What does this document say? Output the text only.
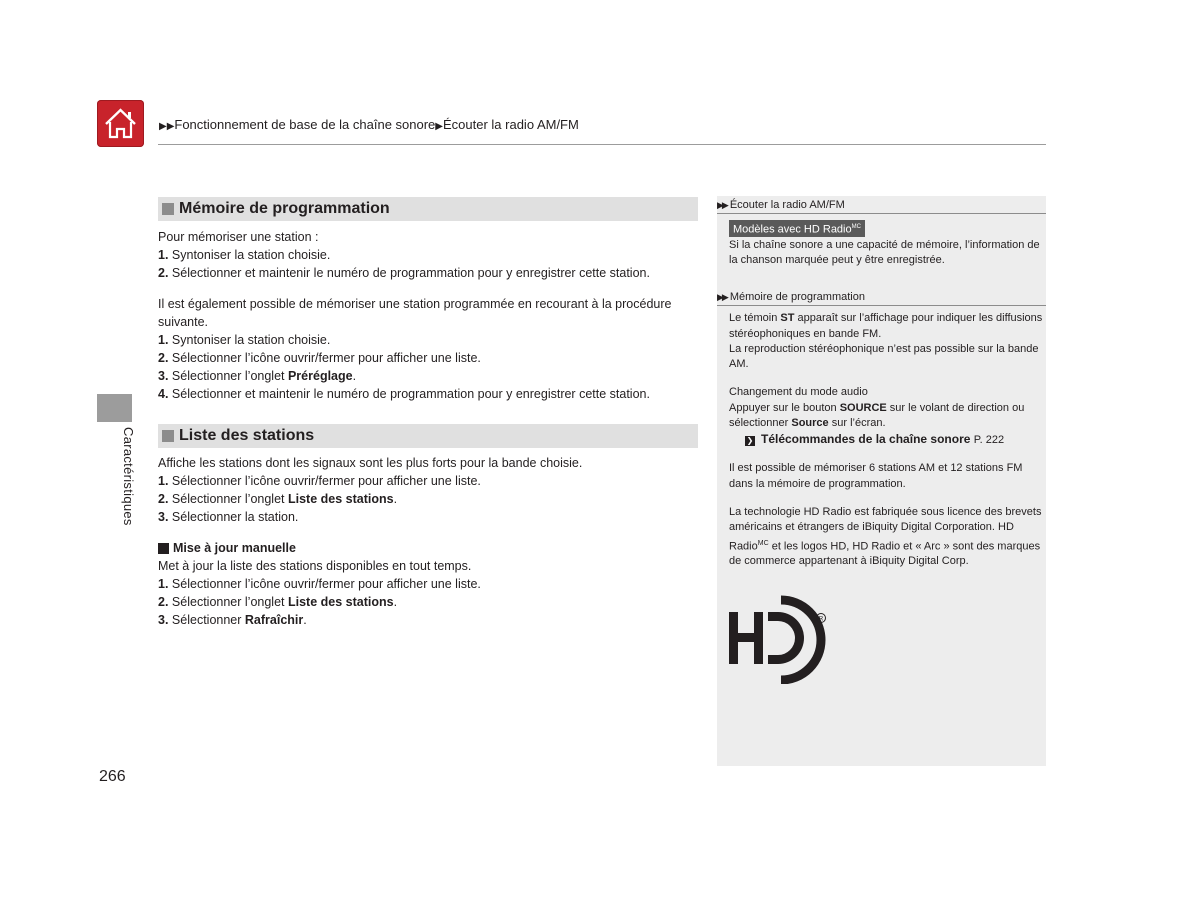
▶▶Fonctionnement de base de la chaîne sonore▶Écouter la radio AM/FM
Caractéristiques
Mémoire de programmation
Pour mémoriser une station :
1. Syntoniser la station choisie.
2. Sélectionner et maintenir le numéro de programmation pour y enregistrer cette station.
Il est également possible de mémoriser une station programmée en recourant à la procédure suivante.
1. Syntoniser la station choisie.
2. Sélectionner l’icône ouvrir/fermer pour afficher une liste.
3. Sélectionner l’onglet Préréglage.
4. Sélectionner et maintenir le numéro de programmation pour y enregistrer cette station.
Liste des stations
Affiche les stations dont les signaux sont les plus forts pour la bande choisie.
1. Sélectionner l’icône ouvrir/fermer pour afficher une liste.
2. Sélectionner l’onglet Liste des stations.
3. Sélectionner la station.
Mise à jour manuelle
Met à jour la liste des stations disponibles en tout temps.
1. Sélectionner l’icône ouvrir/fermer pour afficher une liste.
2. Sélectionner l’onglet Liste des stations.
3. Sélectionner Rafraîchir.
▶▶ Écouter la radio AM/FM
Modèles avec HD Radio$^{MC}$
Si la chaîne sonore a une capacité de mémoire, l’information de la chanson marquée peut y être enregistrée.
▶▶ Mémoire de programmation
Le témoin ST apparaît sur l’affichage pour indiquer les diffusions stéréophoniques en bande FM.
La reproduction stéréophonique n’est pas possible sur la bande AM.
Changement du mode audio
Appuyer sur le bouton SOURCE sur le volant de direction ou sélectionner Source sur l’écran.
❯ Télécommandes de la chaîne sonore P. 222
Il est possible de mémoriser 6 stations AM et 12 stations FM dans la mémoire de programmation.
La technologie HD Radio est fabriquée sous licence des brevets américains et étrangers de iBiquity Digital Corporation. HD Radio$^{MC}$ et les logos HD, HD Radio et « Arc » sont des marques de commerce appartenant à iBiquity Digital Corp.
R
266
